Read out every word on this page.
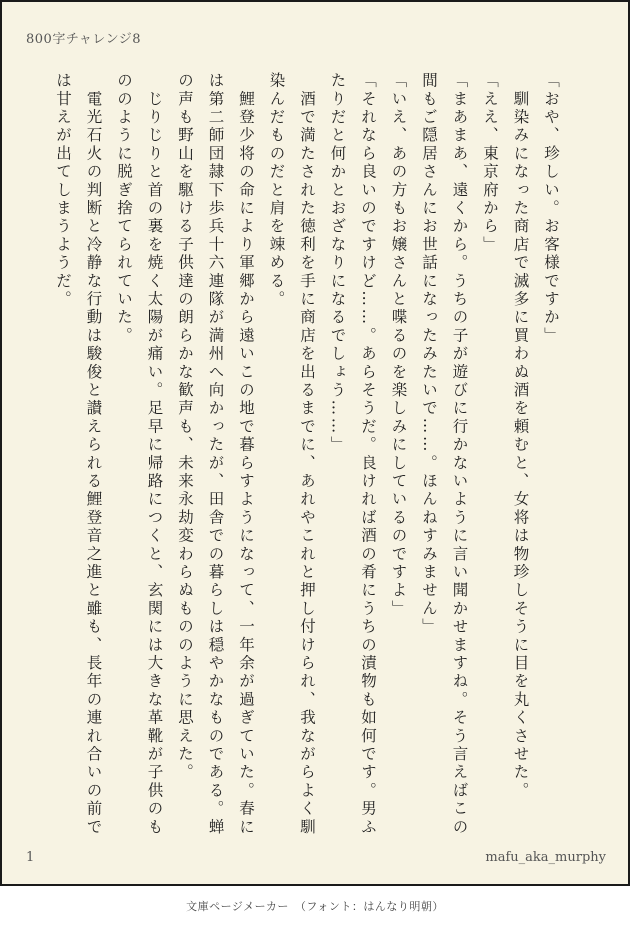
800字チャレンジ8

「おや、珍しい。お客様ですか」

　馴染みになった商店で滅多に買わぬ酒を頼むと、女将は物珍しそうに目を丸くさせた。

「ええ、東京府から」

「まあまあ、遠くから。うちの子が遊びに行かないように言い聞かせますね。そう言えばこの間もご隠居さんにお世話になったみたいで……。ほんねすみません」

「いえ、あの方もお嬢さんと喋るのを楽しみにしているのですよ」

「それなら良いのですけど……。あらそうだ。良ければ酒の肴にうちの漬物も如何です。男ふたりだと何かとおざなりになるでしょう……」

　酒で満たされた徳利を手に商店を出るまでに、あれやこれと押し付けられ、我ながらよく馴染んだものだと肩を竦める。

　鯉登少将の命により軍郷から遠いこの地で暮らすようになって、一年余が過ぎていた。春には第二師団隷下歩兵十六連隊が満州へ向かったが、田舎での暮らしは穏やかなものである。蝉の声も野山を駆ける子供達の朗らかな歓声も、未来永劫変わらぬもののように思えた。

　じりじりと首の裏を焼く太陽が痛い。足早に帰路につくと、玄関には大きな革靴が子供のもののように脱ぎ捨てられていた。

　電光石火の判断と冷静な行動は駿俊と讃えられる鯉登音之進と雖も、長年の連れ合いの前では甘えが出てしまうようだ。

1	mafu_aka_murphy
文庫ページメーカー　（フォント：はんなり明朝）
